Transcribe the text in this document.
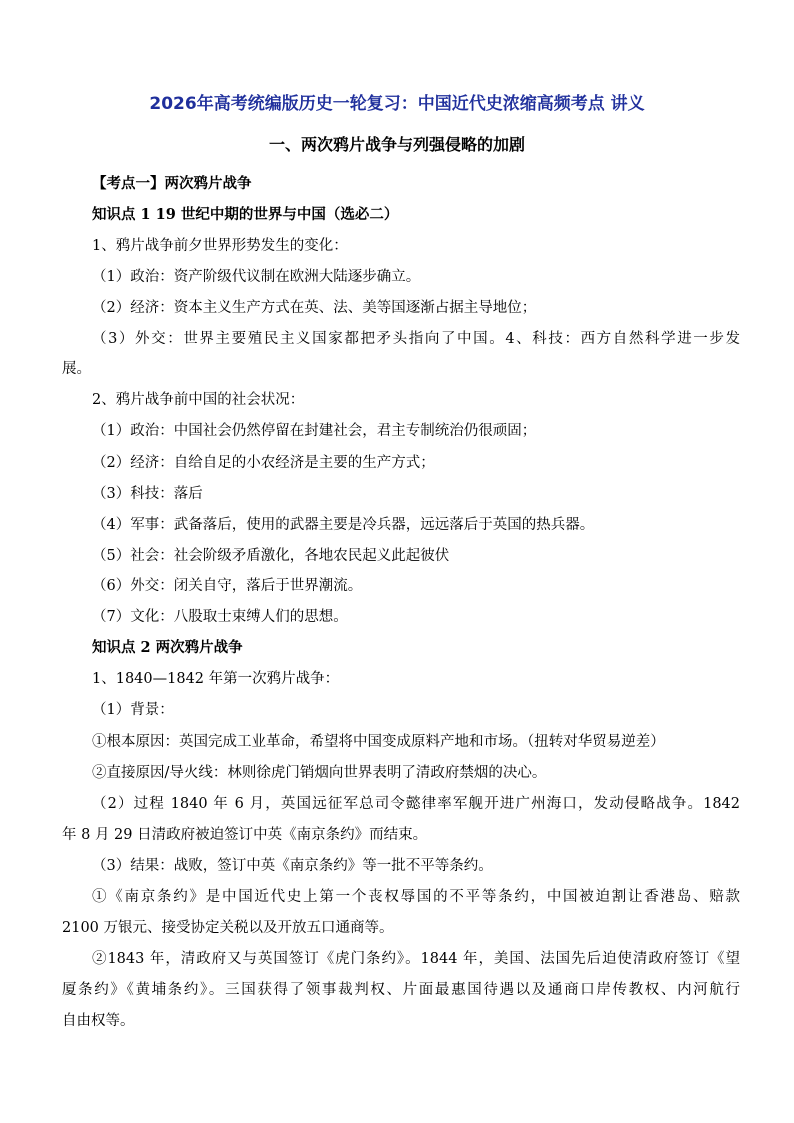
2026年高考统编版历史一轮复习：中国近代史浓缩高频考点 讲义
一、两次鸦片战争与列强侵略的加剧
【考点一】两次鸦片战争
知识点 1 19 世纪中期的世界与中国（选必二）
1、鸦片战争前夕世界形势发生的变化：
（1）政治：资产阶级代议制在欧洲大陆逐步确立。
（2）经济：资本主义生产方式在英、法、美等国逐渐占据主导地位；
（3）外交：世界主要殖民主义国家都把矛头指向了中国。4、科技：西方自然科学进一步发
展。
2、鸦片战争前中国的社会状况：
（1）政治：中国社会仍然停留在封建社会，君主专制统治仍很顽固；
（2）经济：自给自足的小农经济是主要的生产方式；
（3）科技：落后
（4）军事：武备落后，使用的武器主要是冷兵器，远远落后于英国的热兵器。
（5）社会：社会阶级矛盾激化，各地农民起义此起彼伏
（6）外交：闭关自守，落后于世界潮流。
（7）文化：八股取士束缚人们的思想。
知识点 2 两次鸦片战争
1、1840—1842 年第一次鸦片战争：
（1）背景：
①根本原因：英国完成工业革命，希望将中国变成原料产地和市场。（扭转对华贸易逆差）
②直接原因/导火线：林则徐虎门销烟向世界表明了清政府禁烟的决心。
（2）过程 1840 年 6 月，英国远征军总司令懿律率军舰开进广州海口，发动侵略战争。1842
年 8 月 29 日清政府被迫签订中英《南京条约》而结束。
（3）结果：战败，签订中英《南京条约》等一批不平等条约。
①《南京条约》是中国近代史上第一个丧权辱国的不平等条约，中国被迫割让香港岛、赔款
2100 万银元、接受协定关税以及开放五口通商等。
②1843 年，清政府又与英国签订《虎门条约》。1844 年，美国、法国先后迫使清政府签订《望
厦条约》《黄埔条约》。三国获得了领事裁判权、片面最惠国待遇以及通商口岸传教权、内河航行
自由权等。
